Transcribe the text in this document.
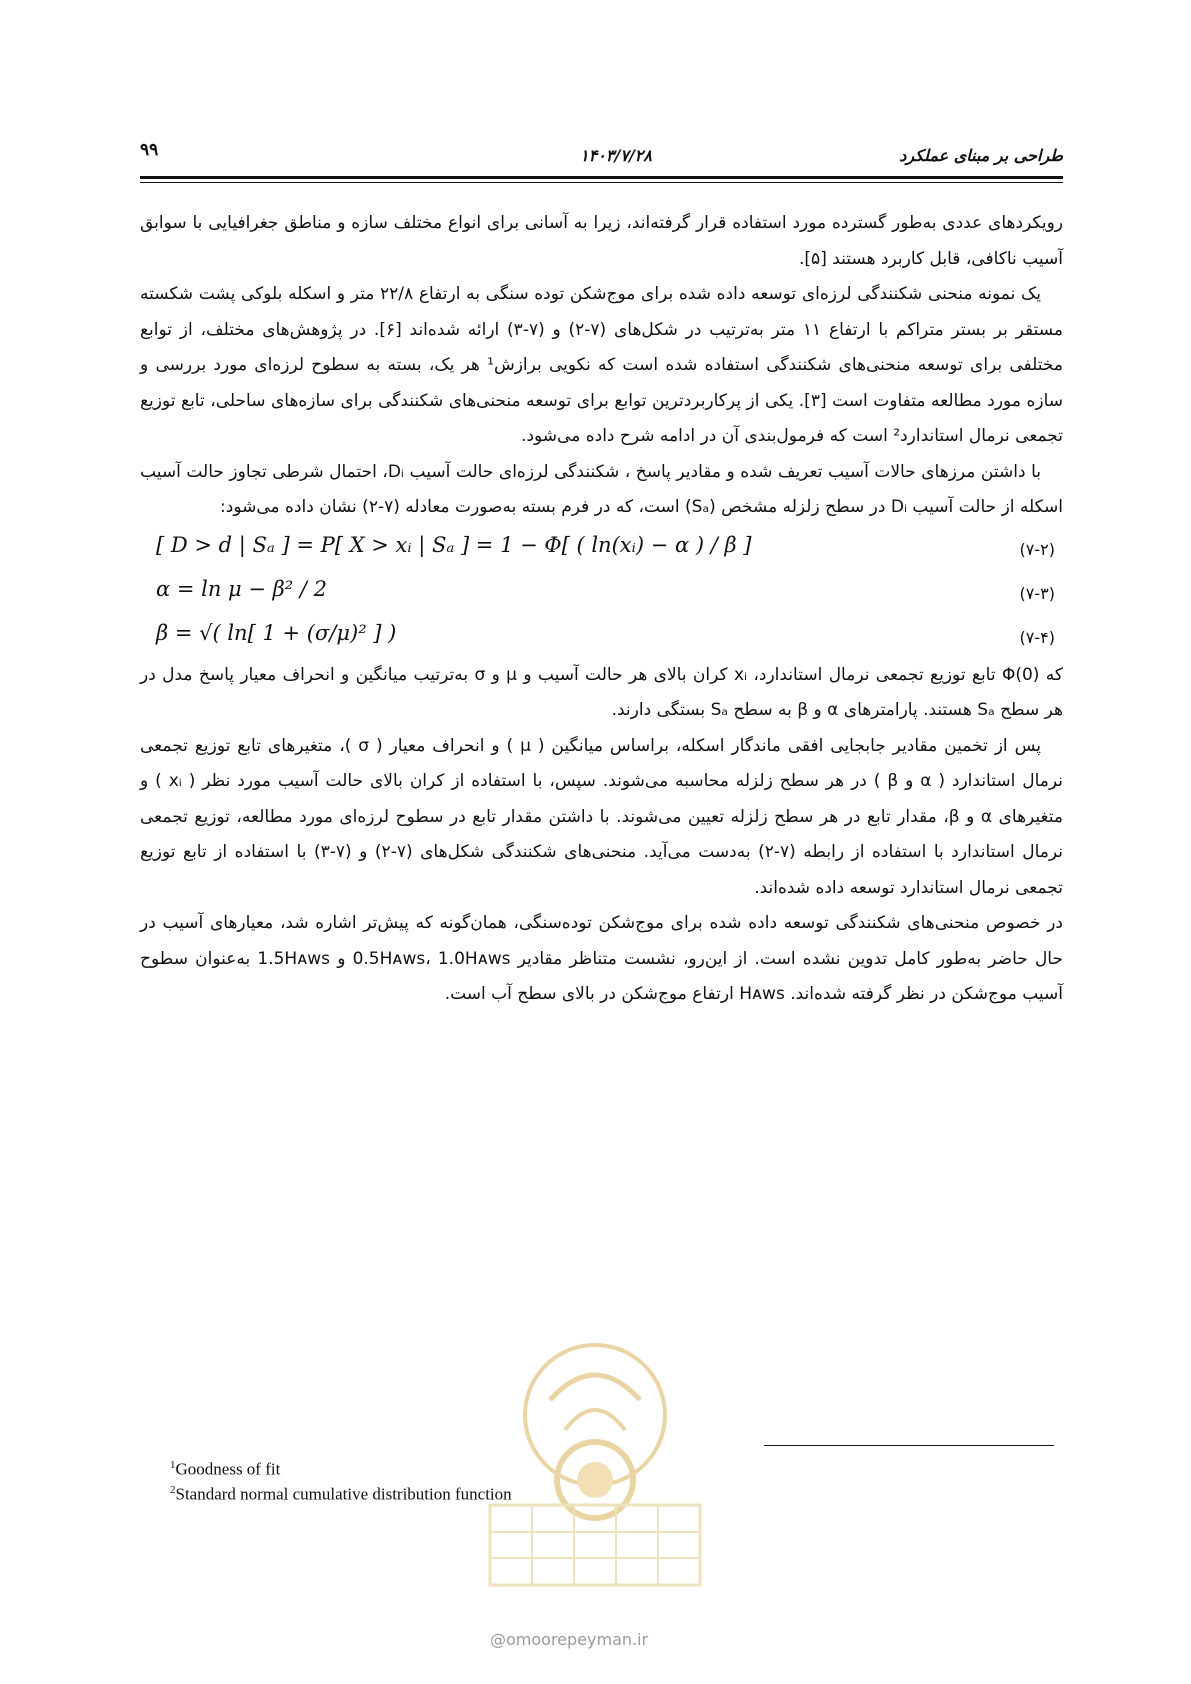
۹۹	۱۴۰۳/۷/۲۸	طراحی بر مبنای عملکرد

رویکردهای عددی به‌طور گسترده مورد استفاده قرار گرفته‌اند، زیرا به آسانی برای انواع مختلف سازه و مناطق جغرافیایی با سوابق آسیب ناکافی، قابل کاربرد هستند [۵].

یک نمونه منحنی شکنندگی لرزه‌ای توسعه داده شده برای موج‌شکن توده سنگی به ارتفاع ۲۲/۸ متر و اسکله بلوکی پشت شکسته مستقر بر بستر متراکم با ارتفاع ۱۱ متر به‌ترتیب در شکل‌های (۷-۲) و (۷-۳) ارائه شده‌اند [۶]. در پژوهش‌های مختلف، از توابع مختلفی برای توسعه منحنی‌های شکنندگی استفاده شده است که نکویی برازش¹ هر یک، بسته به سطوح لرزه‌ای مورد بررسی و سازه مورد مطالعه متفاوت است [۳]. یکی از پرکاربردترین توابع برای توسعه منحنی‌های شکنندگی برای سازه‌های ساحلی، تابع توزیع تجمعی نرمال استاندارد² است که فرمول‌بندی آن در ادامه شرح داده می‌شود.

با داشتن مرزهای حالات آسیب تعریف شده و مقادیر پاسخ ، شکنندگی لرزه‌ای حالت آسیب Dᵢ، احتمال شرطی تجاوز حالت آسیب اسکله از حالت آسیب Dᵢ در سطح زلزله مشخص (Sₐ) است، که در فرم بسته به‌صورت معادله (۷-۲) نشان داده می‌شود:

[ D > d | Sₐ ] = P[ X > xᵢ | Sₐ ] = 1 − Φ[ ( ln(xᵢ) − α ) / β ]	(۷-۲)
α = ln μ − β² / 2	(۷-۳)
β = √( ln[ 1 + (σ/μ)² ] )	(۷-۴)

که Φ(0) تابع توزیع تجمعی نرمال استاندارد، xᵢ کران بالای هر حالت آسیب و μ و σ به‌ترتیب میانگین و انحراف معیار پاسخ مدل در هر سطح Sₐ هستند. پارامترهای α و β به سطح Sₐ بستگی دارند.

پس از تخمین مقادیر جابجایی افقی ماندگار اسکله، براساس میانگین ( μ ) و انحراف معیار ( σ )، متغیرهای تابع توزیع تجمعی نرمال استاندارد ( α و β ) در هر سطح زلزله محاسبه می‌شوند. سپس، با استفاده از کران بالای حالت آسیب مورد نظر ( xᵢ ) و متغیرهای α و β، مقدار تابع در هر سطح زلزله تعیین می‌شوند. با داشتن مقدار تابع در سطوح لرزه‌ای مورد مطالعه، توزیع تجمعی نرمال استاندارد با استفاده از رابطه (۷-۲) به‌دست می‌آید. منحنی‌های شکنندگی شکل‌های (۷-۲) و (۷-۳) با استفاده از تابع توزیع تجمعی نرمال استاندارد توسعه داده شده‌اند.

در خصوص منحنی‌های شکنندگی توسعه داده شده برای موج‌شکن توده‌سنگی، همان‌گونه که پیش‌تر اشاره شد، معیارهای آسیب در حال حاضر به‌طور کامل تدوین نشده است. از این‌رو، نشست متناظر مقادیر 0.5Hᴀᴡꜱ، 1.0Hᴀᴡꜱ و 1.5Hᴀᴡꜱ به‌عنوان سطوح آسیب موج‌شکن در نظر گرفته شده‌اند. Hᴀᴡꜱ ارتفاع موج‌شکن در بالای سطح آب است.

$^1$Goodness of fit
$^2$Standard normal cumulative distribution function
@omoorepeyman.ir
